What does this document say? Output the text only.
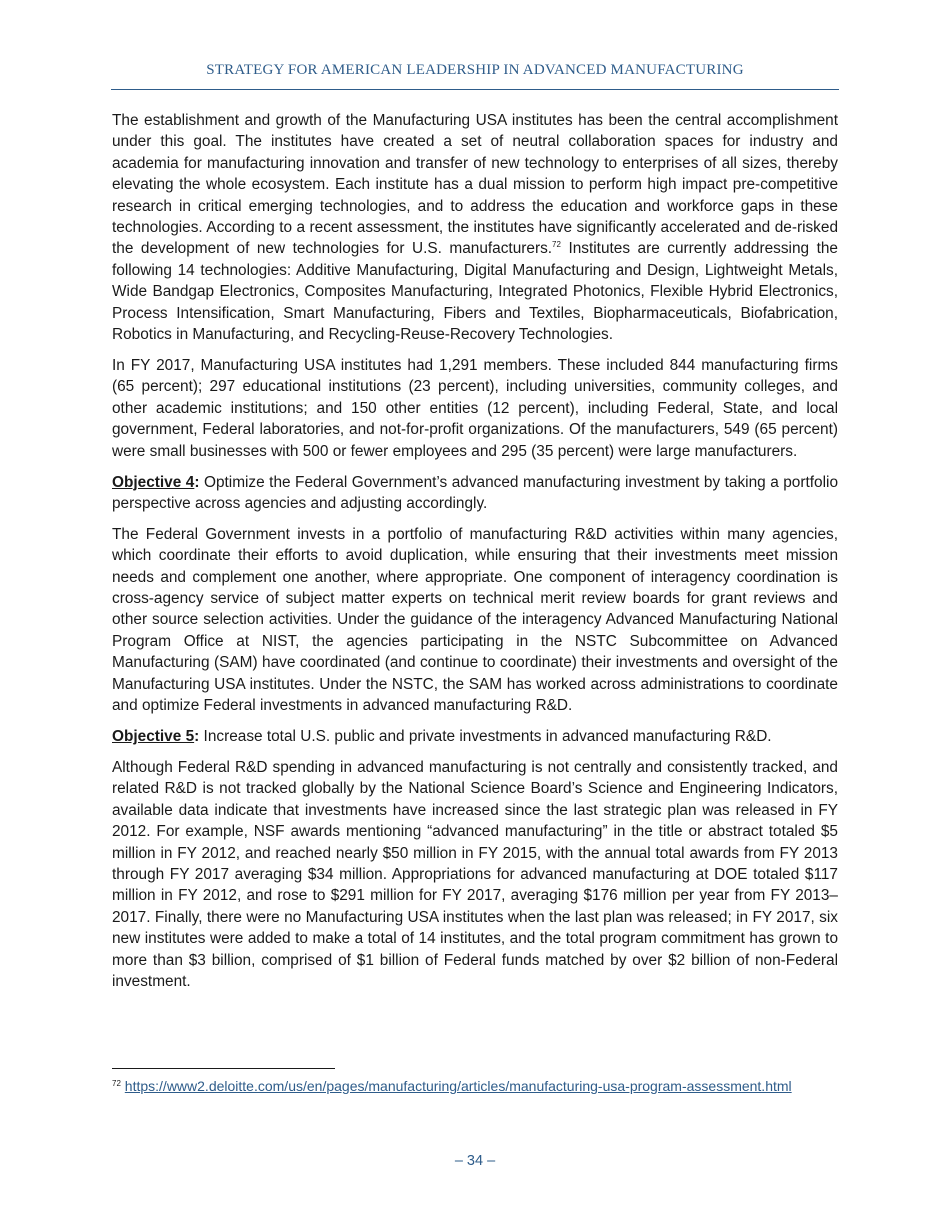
STRATEGY FOR AMERICAN LEADERSHIP IN ADVANCED MANUFACTURING

The establishment and growth of the Manufacturing USA institutes has been the central accomplishment under this goal. The institutes have created a set of neutral collaboration spaces for industry and academia for manufacturing innovation and transfer of new technology to enterprises of all sizes, thereby elevating the whole ecosystem. Each institute has a dual mission to perform high impact pre-competitive research in critical emerging technologies, and to address the education and workforce gaps in these technologies. According to a recent assessment, the institutes have significantly accelerated and de-risked the development of new technologies for U.S. manufacturers.$^{72}$ Institutes are currently addressing the following 14 technologies: Additive Manufacturing, Digital Manufacturing and Design, Lightweight Metals, Wide Bandgap Electronics, Composites Manufacturing, Integrated Photonics, Flexible Hybrid Electronics, Process Intensification, Smart Manufacturing, Fibers and Textiles, Biopharmaceuticals, Biofabrication, Robotics in Manufacturing, and Recycling-Reuse-Recovery Technologies.

In FY 2017, Manufacturing USA institutes had 1,291 members. These included 844 manufacturing firms (65 percent); 297 educational institutions (23 percent), including universities, community colleges, and other academic institutions; and 150 other entities (12 percent), including Federal, State, and local government, Federal laboratories, and not-for-profit organizations. Of the manufacturers, 549 (65 percent) were small businesses with 500 or fewer employees and 295 (35 percent) were large manufacturers.

Objective 4: Optimize the Federal Government’s advanced manufacturing investment by taking a portfolio perspective across agencies and adjusting accordingly.

The Federal Government invests in a portfolio of manufacturing R&D activities within many agencies, which coordinate their efforts to avoid duplication, while ensuring that their investments meet mission needs and complement one another, where appropriate. One component of interagency coordination is cross-agency service of subject matter experts on technical merit review boards for grant reviews and other source selection activities. Under the guidance of the interagency Advanced Manufacturing National Program Office at NIST, the agencies participating in the NSTC Subcommittee on Advanced Manufacturing (SAM) have coordinated (and continue to coordinate) their investments and oversight of the Manufacturing USA institutes. Under the NSTC, the SAM has worked across administrations to coordinate and optimize Federal investments in advanced manufacturing R&D.

Objective 5: Increase total U.S. public and private investments in advanced manufacturing R&D.

Although Federal R&D spending in advanced manufacturing is not centrally and consistently tracked, and related R&D is not tracked globally by the National Science Board’s Science and Engineering Indicators, available data indicate that investments have increased since the last strategic plan was released in FY 2012. For example, NSF awards mentioning “advanced manufacturing” in the title or abstract totaled $5 million in FY 2012, and reached nearly $50 million in FY 2015, with the annual total awards from FY 2013 through FY 2017 averaging $34 million. Appropriations for advanced manufacturing at DOE totaled $117 million in FY 2012, and rose to $291 million for FY 2017, averaging $176 million per year from FY 2013–2017. Finally, there were no Manufacturing USA institutes when the last plan was released; in FY 2017, six new institutes were added to make a total of 14 institutes, and the total program commitment has grown to more than $3 billion, comprised of $1 billion of Federal funds matched by over $2 billion of non-Federal investment.

$^{72}$ https://www2.deloitte.com/us/en/pages/manufacturing/articles/manufacturing-usa-program-assessment.html
– 34 –
